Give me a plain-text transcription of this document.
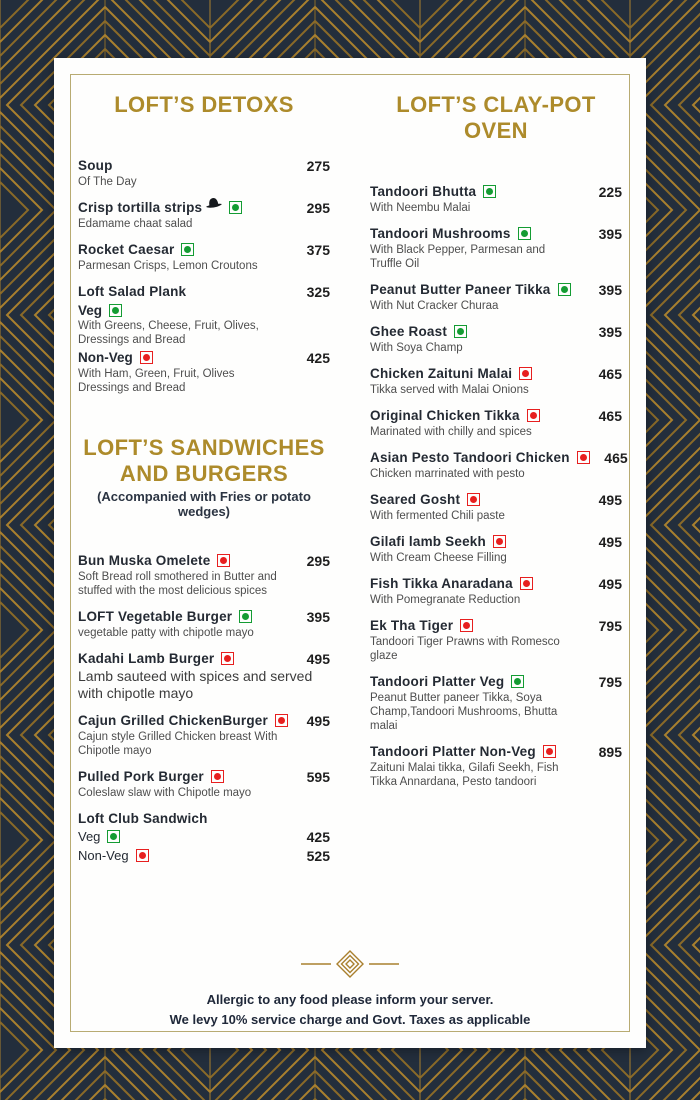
LOFT’S DETOXS
Soup	275
Of The Day
Crisp tortilla strips	295
Edamame chaat salad
Rocket Caesar	375
Parmesan Crisps, Lemon Croutons
Loft Salad Plank	325
Veg
With Greens, Cheese, Fruit, Olives, Dressings and Bread
Non-Veg	425
With Ham, Green, Fruit, Olives Dressings and Bread
LOFT’S SANDWICHES AND BURGERS
(Accompanied with Fries or potato wedges)
Bun Muska Omelete	295
Soft Bread roll smothered in Butter and stuffed with the most delicious spices
LOFT Vegetable Burger	395
vegetable patty with chipotle mayo
Kadahi Lamb Burger	495
Lamb sauteed with spices and served with chipotle mayo
Cajun Grilled ChickenBurger	495
Cajun style Grilled Chicken breast With Chipotle mayo
Pulled Pork Burger	595
Coleslaw slaw with Chipotle mayo
Loft Club Sandwich
Veg	425
Non-Veg	525
LOFT’S CLAY-POT OVEN
Tandoori Bhutta	225
With Neembu Malai
Tandoori Mushrooms	395
With Black Pepper, Parmesan and Truffle Oil
Peanut Butter Paneer Tikka	395
With Nut Cracker Churaa
Ghee Roast	395
With Soya Champ
Chicken Zaituni Malai	465
Tikka served with Malai Onions
Original Chicken Tikka	465
Marinated with chilly and spices
Asian Pesto Tandoori Chicken	465
Chicken marrinated with pesto
Seared Gosht	495
With fermented Chili paste
Gilafi lamb Seekh	495
With Cream Cheese Filling
Fish Tikka Anaradana	495
With Pomegranate Reduction
Ek Tha Tiger	795
Tandoori Tiger Prawns with Romesco glaze
Tandoori Platter Veg	795
Peanut Butter paneer Tikka, Soya Champ,Tandoori Mushrooms, Bhutta malai
Tandoori Platter Non-Veg	895
Zaituni Malai tikka, Gilafi Seekh, Fish Tikka Annardana, Pesto tandoori
Allergic to any food please inform your server.
We levy 10% service charge and Govt. Taxes as applicable
